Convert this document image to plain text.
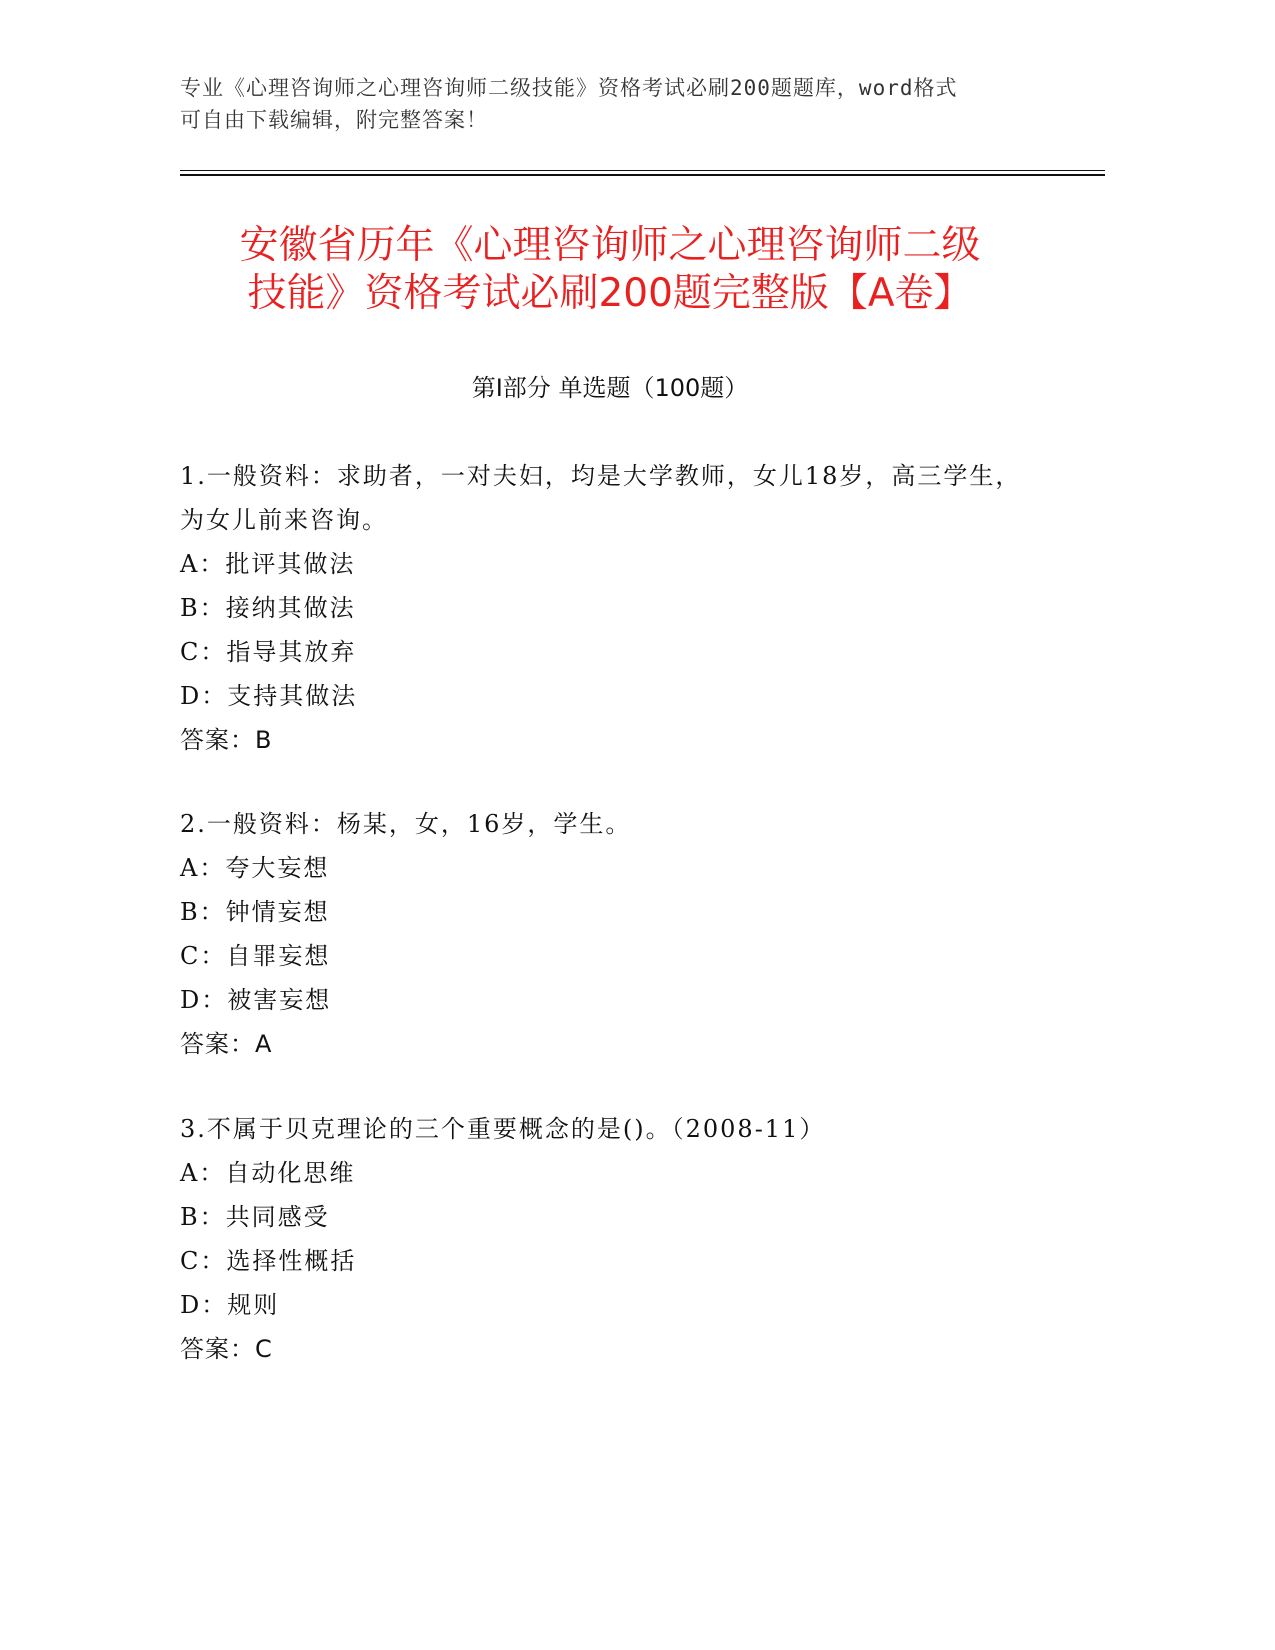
专业《心理咨询师之心理咨询师二级技能》资格考试必刷200题题库，word格式
可自由下载编辑，附完整答案！
安徽省历年《心理咨询师之心理咨询师二级
技能》资格考试必刷200题完整版【A卷】
第Ⅰ部分 单选题（100题）
1.一般资料：求助者，一对夫妇，均是大学教师，女儿18岁，高三学生，为女儿前来咨询。
A：批评其做法
B：接纳其做法
C：指导其放弃
D：支持其做法
答案：B
2.一般资料：杨某，女，16岁，学生。
A：夸大妄想
B：钟情妄想
C：自罪妄想
D：被害妄想
答案：A
3.不属于贝克理论的三个重要概念的是()。（2008-11）
A：自动化思维
B：共同感受
C：选择性概括
D：规则
答案：C
